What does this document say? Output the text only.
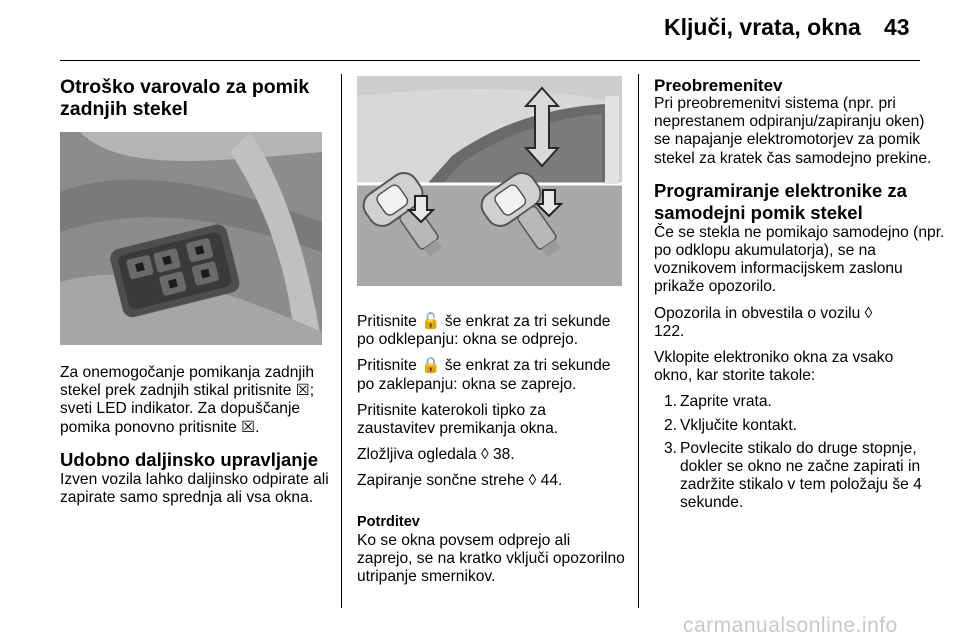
Ključi, vrata, okna 43
Otroško varovalo za pomik zadnjih stekel

Za onemogočanje pomikanja zadnjih stekel prek zadnjih stikal pritisnite ☒; sveti LED indikator. Za dopuščanje pomika ponovno pritisnite ☒.

Udobno daljinsko upravljanje

Izven vozila lahko daljinsko odpirate ali zapirate samo sprednja ali vsa okna.

Pritisnite 🔓 še enkrat za tri sekunde po odklepanju: okna se odprejo.

Pritisnite 🔒 še enkrat za tri sekunde po zaklepanju: okna se zaprejo.

Pritisnite katerokoli tipko za zaustavitev premikanja okna.

Zložljiva ogledala ◊ 38.

Zapiranje sončne strehe ◊ 44.

Potrditev

Ko se okna povsem odprejo ali zaprejo, se na kratko vključi opozorilno utripanje smernikov.

Preobremenitev

Pri preobremenitvi sistema (npr. pri neprestanem odpiranju/zapiranju oken) se napajanje elektromotorjev za pomik stekel za kratek čas samodejno prekine.

Programiranje elektronike za samodejni pomik stekel

Če se stekla ne pomikajo samodejno (npr. po odklopu akumulatorja), se na voznikovem informacijskem zaslonu prikaže opozorilo.

Opozorila in obvestila o vozilu ◊ 122.

Vklopite elektroniko okna za vsako okno, kar storite takole:

1. Zaprite vrata.
2. Vključite kontakt.
3. Povlecite stikalo do druge stopnje, dokler se okno ne začne zapirati in zadržite stikalo v tem položaju še 4 sekunde.
carmanualsonline.info
